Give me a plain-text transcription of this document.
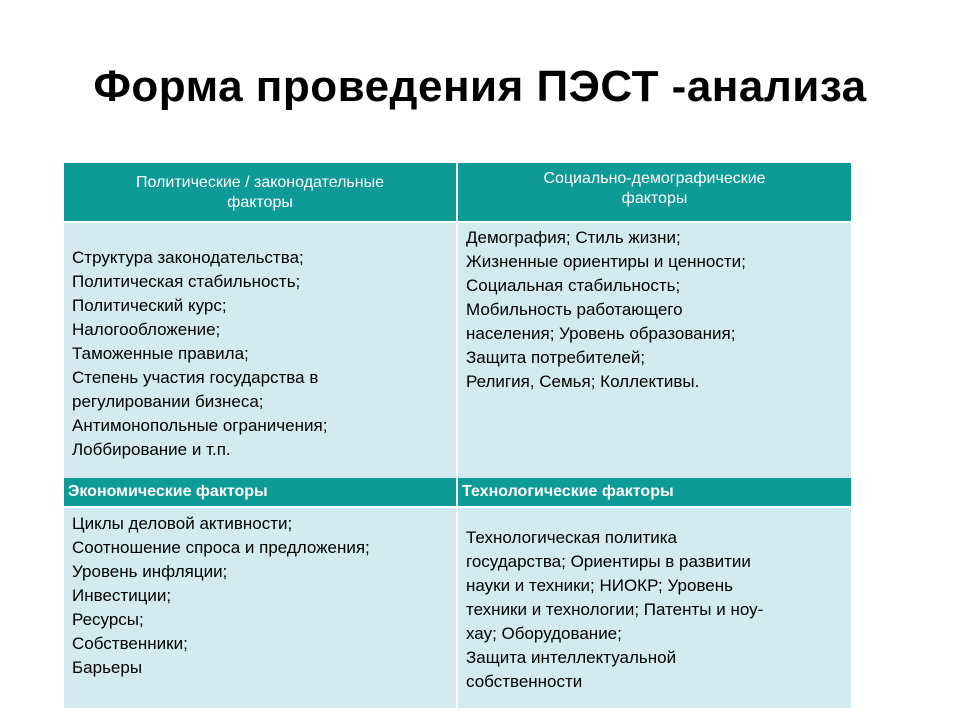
Форма проведения ПЭСТ -анализа
Политические / законодательные
факторы
Социально-демографические
факторы
Структура законодательства;
Политическая стабильность;
Политический курс;
Налогообложение;
Таможенные правила;
Степень участия государства в
регулировании бизнеса;
Антимонопольные ограничения;
Лоббирование и т.п.
Демография; Стиль жизни;
Жизненные ориентиры и ценности;
Социальная стабильность;
Мобильность работающего
населения; Уровень образования;
Защита потребителей;
Религия, Семья; Коллективы.
Экономические факторы	Технологические факторы
Циклы деловой активности;
Соотношение спроса и предложения;
Уровень инфляции;
Инвестиции;
Ресурсы;
Собственники;
Барьеры
Технологическая политика
государства; Ориентиры в развитии
науки и техники; НИОКР; Уровень
техники и технологии; Патенты и ноу-
хау; Оборудование;
Защита интеллектуальной
собственности
